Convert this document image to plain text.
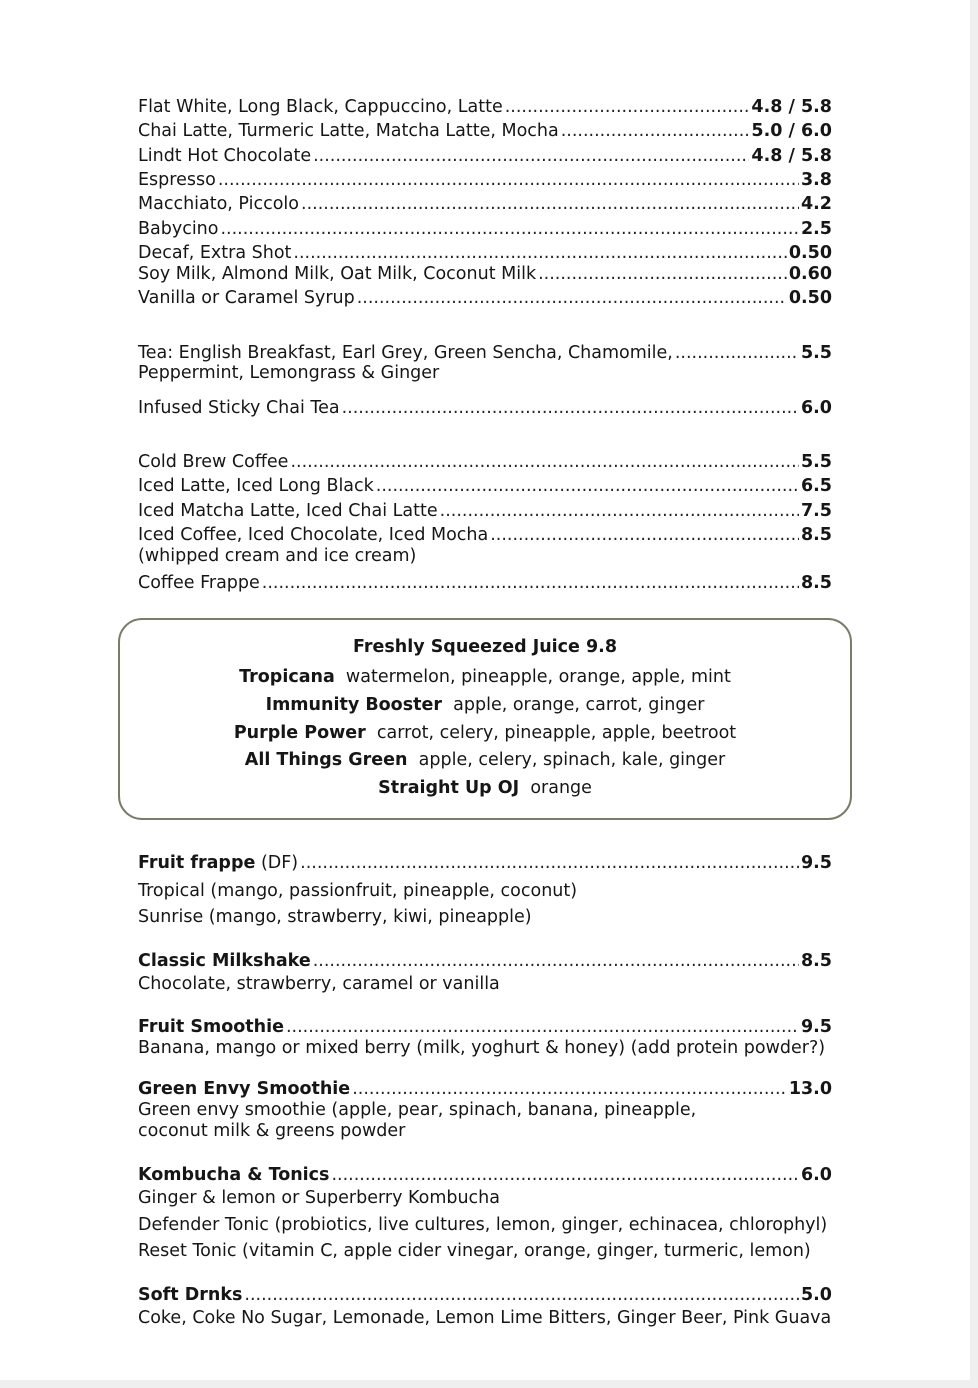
Flat White, Long Black, Cappuccino, Latte .....	4.8 / 5.8
Chai Latte, Turmeric Latte, Matcha Latte, Mocha .....	5.0 / 6.0
Lindt Hot Chocolate .....	4.8 / 5.8
Espresso .....	3.8
Macchiato, Piccolo .....	4.2
Babycino .....	2.5
Decaf, Extra Shot .....	0.50
Soy Milk, Almond Milk, Oat Milk, Coconut Milk .....	0.60
Vanilla or Caramel Syrup .....	0.50
Tea: English Breakfast, Earl Grey, Green Sencha, Chamomile, .....	5.5
Peppermint, Lemongrass & Ginger
Infused Sticky Chai Tea .....	6.0
Cold Brew Coffee .....	5.5
Iced Latte, Iced Long Black .....	6.5
Iced Matcha Latte, Iced Chai Latte .....	7.5
Iced Coffee, Iced Chocolate, Iced Mocha .....	8.5
(whipped cream and ice cream)
Coffee Frappe .....	8.5
Freshly Squeezed Juice 9.8
Tropicana watermelon, pineapple, orange, apple, mint
Immunity Booster apple, orange, carrot, ginger
Purple Power carrot, celery, pineapple, apple, beetroot
All Things Green apple, celery, spinach, kale, ginger
Straight Up OJ orange
Fruit frappe (DF) .....	9.5
Tropical (mango, passionfruit, pineapple, coconut)
Sunrise (mango, strawberry, kiwi, pineapple)
Classic Milkshake .....	8.5
Chocolate, strawberry, caramel or vanilla
Fruit Smoothie .....	9.5
Banana, mango or mixed berry (milk, yoghurt & honey) (add protein powder?)
Green Envy Smoothie .....	13.0
Green envy smoothie (apple, pear, spinach, banana, pineapple,
coconut milk & greens powder
Kombucha & Tonics .....	6.0
Ginger & lemon or Superberry Kombucha
Defender Tonic (probiotics, live cultures, lemon, ginger, echinacea, chlorophyl)
Reset Tonic (vitamin C, apple cider vinegar, orange, ginger, turmeric, lemon)
Soft Drnks .....	5.0
Coke, Coke No Sugar, Lemonade, Lemon Lime Bitters, Ginger Beer, Pink Guava
